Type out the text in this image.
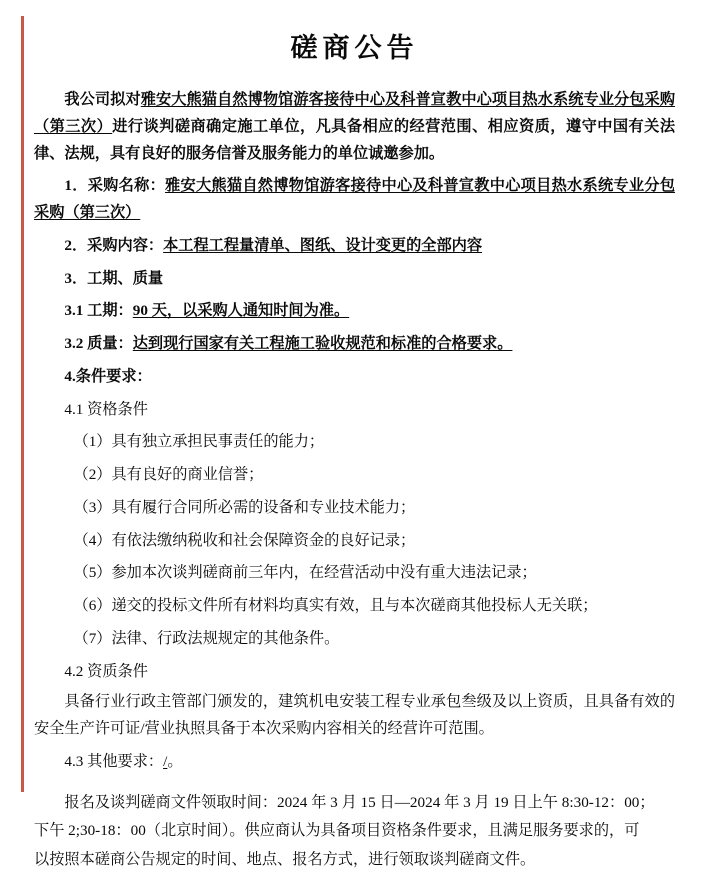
磋商公告

我公司拟对雅安大熊猫自然博物馆游客接待中心及科普宣教中心项目热水系统专业分包采购（第三次）进行谈判磋商确定施工单位，凡具备相应的经营范围、相应资质，遵守中国有关法律、法规，具有良好的服务信誉及服务能力的单位诚邀参加。

1．采购名称：雅安大熊猫自然博物馆游客接待中心及科普宣教中心项目热水系统专业分包采购（第三次）

2．采购内容：本工程工程量清单、图纸、设计变更的全部内容

3．工期、质量

3.1 工期：90 天，以采购人通知时间为准。

3.2 质量：达到现行国家有关工程施工验收规范和标准的合格要求。

4.条件要求：

4.1 资格条件

（1）具有独立承担民事责任的能力；

（2）具有良好的商业信誉；

（3）具有履行合同所必需的设备和专业技术能力；

（4）有依法缴纳税收和社会保障资金的良好记录；

（5）参加本次谈判磋商前三年内，在经营活动中没有重大违法记录；

（6）递交的投标文件所有材料均真实有效，且与本次磋商其他投标人无关联；

（7）法律、行政法规规定的其他条件。

4.2 资质条件

具备行业行政主管部门颁发的，建筑机电安装工程专业承包叁级及以上资质，且具备有效的安全生产许可证/营业执照具备于本次采购内容相关的经营许可范围。

4.3 其他要求：/。

报名及谈判磋商文件领取时间：2024 年 3 月 15 日—2024 年 3 月 19 日上午 8:30-12：00；

下午 2;30-18：00（北京时间）。供应商认为具备项目资格条件要求，且满足服务要求的，可

以按照本磋商公告规定的时间、地点、报名方式，进行领取谈判磋商文件。
